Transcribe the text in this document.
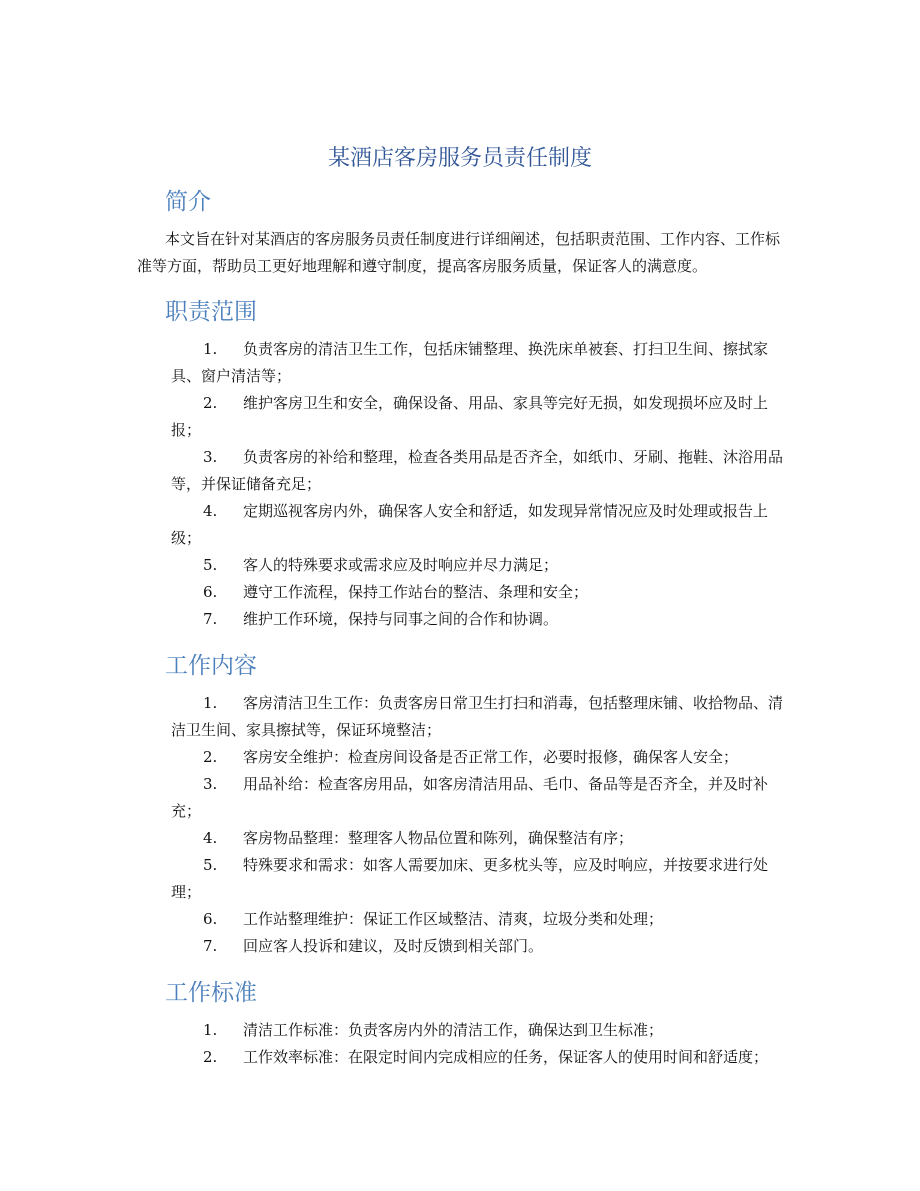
某酒店客房服务员责任制度
简介

本文旨在针对某酒店的客房服务员责任制度进行详细阐述，包括职责范围、工作内容、工作标准等方面，帮助员工更好地理解和遵守制度，提高客房服务质量，保证客人的满意度。

职责范围
1.	负责客房的清洁卫生工作，包括床铺整理、换洗床单被套、打扫卫生间、擦拭家具、窗户清洁等；
2.	维护客房卫生和安全，确保设备、用品、家具等完好无损，如发现损坏应及时上报；
3.	负责客房的补给和整理，检查各类用品是否齐全，如纸巾、牙刷、拖鞋、沐浴用品等，并保证储备充足；
4.	定期巡视客房内外，确保客人安全和舒适，如发现异常情况应及时处理或报告上级；
5.	客人的特殊要求或需求应及时响应并尽力满足；
6.	遵守工作流程，保持工作站台的整洁、条理和安全；
7.	维护工作环境，保持与同事之间的合作和协调。
工作内容
1.	客房清洁卫生工作：负责客房日常卫生打扫和消毒，包括整理床铺、收拾物品、清洁卫生间、家具擦拭等，保证环境整洁；
2.	客房安全维护：检查房间设备是否正常工作，必要时报修，确保客人安全；
3.	用品补给：检查客房用品，如客房清洁用品、毛巾、备品等是否齐全，并及时补充；
4.	客房物品整理：整理客人物品位置和陈列，确保整洁有序；
5.	特殊要求和需求：如客人需要加床、更多枕头等，应及时响应，并按要求进行处理；
6.	工作站整理维护：保证工作区域整洁、清爽，垃圾分类和处理；
7.	回应客人投诉和建议，及时反馈到相关部门。
工作标准
1.	清洁工作标准：负责客房内外的清洁工作，确保达到卫生标准；
2.	工作效率标准：在限定时间内完成相应的任务，保证客人的使用时间和舒适度；
